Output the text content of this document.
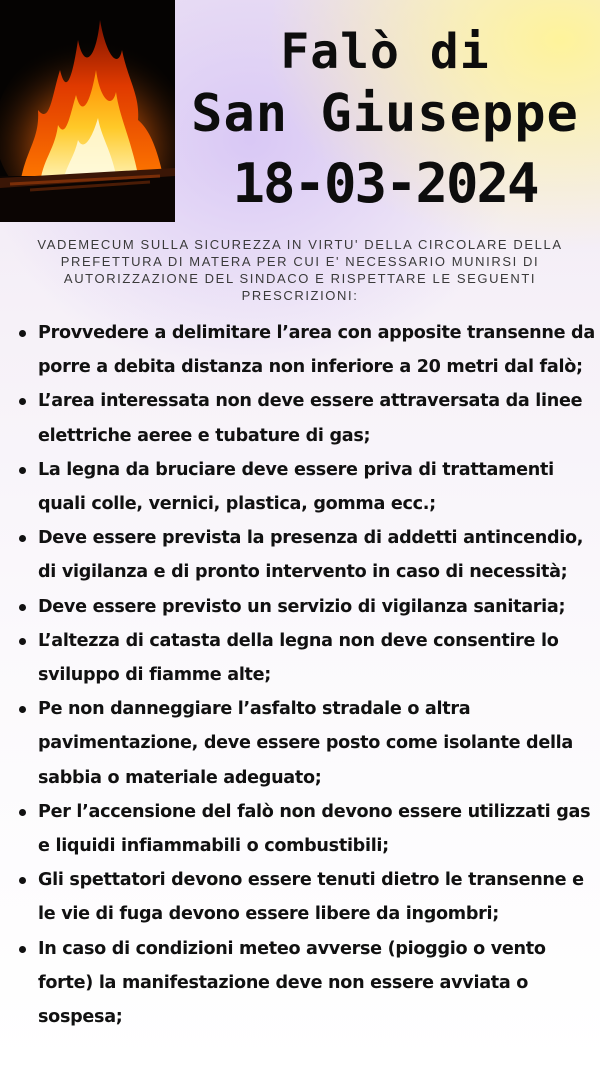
Falò di
San Giuseppe
18-03-2024
VADEMECUM SULLA SICUREZZA IN VIRTU' DELLA CIRCOLARE DELLA PREFETTURA DI MATERA PER CUI E' NECESSARIO MUNIRSI DI AUTORIZZAZIONE DEL SINDACO E RISPETTARE LE SEGUENTI PRESCRIZIONI:
Provvedere a delimitare l’area con apposite transenne da porre a debita distanza non inferiore a 20 metri dal falò;
L’area interessata non deve essere attraversata da linee elettriche aeree e tubature di gas;
La legna da bruciare deve essere priva di trattamenti quali colle, vernici, plastica, gomma ecc.;
Deve essere prevista la presenza di addetti antincendio, di vigilanza e di pronto intervento in caso di necessità;
Deve essere previsto un servizio di vigilanza sanitaria;
L’altezza di catasta della legna non deve consentire lo sviluppo di fiamme alte;
Pe non danneggiare l’asfalto stradale o altra pavimentazione, deve essere posto come isolante della sabbia o materiale adeguato;
Per l’accensione del falò non devono essere utilizzati gas e liquidi infiammabili o combustibili;
Gli spettatori devono essere tenuti dietro le transenne e le vie di fuga devono essere libere da ingombri;
In caso di condizioni meteo avverse (pioggio o vento forte) la manifestazione deve non essere avviata o sospesa;
